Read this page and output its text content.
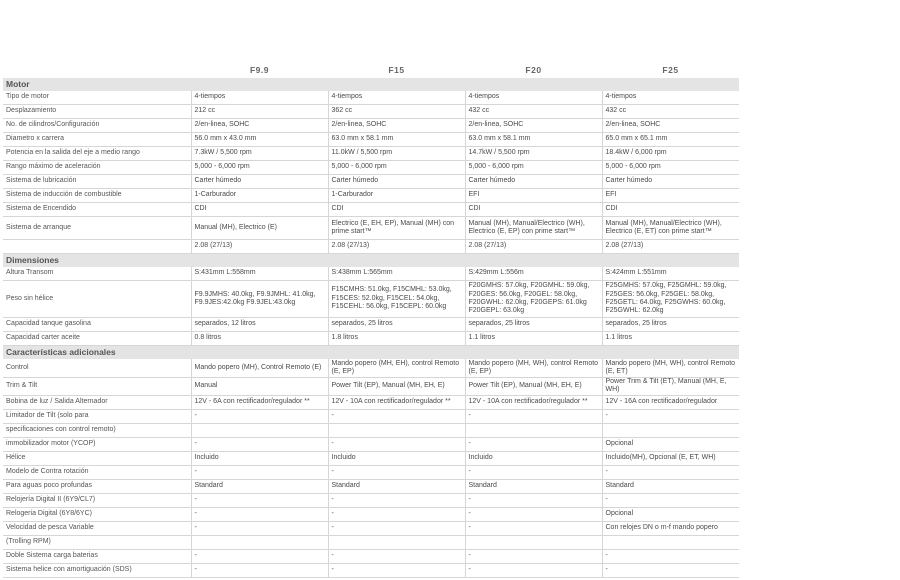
	F9.9	F15	F20	F25
Motor				
Tipo de motor	4-tiempos	4-tiempos	4-tiempos	4-tiempos
Desplazamiento	212 cc	362 cc	432 cc	432 cc
No. de cilindros/Configuración	2/en-linea, SOHC	2/en-linea, SOHC	2/en-linea, SOHC	2/en-linea, SOHC
Diametro x carrera	56.0 mm x 43.0 mm	63.0 mm x 58.1 mm	63.0 mm x 58.1 mm	65.0 mm x 65.1 mm
Potencia en la salida del eje a medio rango	7.3kW / 5,500 rpm	11.0kW / 5,500 rpm	14.7kW / 5,500 rpm	18.4kW / 6,000 rpm
Rango máximo de aceleración	5,000 - 6,000 rpm	5,000 - 6,000 rpm	5,000 - 6,000 rpm	5,000 - 6,000 rpm
Sistema de lubricación	Carter húmedo	Carter húmedo	Carter húmedo	Carter húmedo
Sistema de inducción de combustible	1-Carburador	1-Carburador	EFI	EFI
Sistema de Encendido	CDI	CDI	CDI	CDI
Sistema de arranque	Manual (MH), Electrico (E)	Electrico (E, EH, EP), Manual (MH) con prime start™	Manual (MH), Manual/Electrico (WH), Electrico (E, EP) con prime start™	Manual (MH), Manual/Electrico (WH), Electrico (E, ET) con prime start™
	2.08 (27/13)	2.08 (27/13)	2.08 (27/13)	2.08 (27/13)
Dimensiones				
Altura Transom	S:431mm L:558mm	S:438mm L:565mm	S:429mm L:556m	S:424mm L:551mm
Peso sin hélice	F9.9JMHS: 40.0kg, F9.9JMHL: 41.0kg, F9.9JES:42.0kg F9.9JEL:43.0kg	F15CMHS: 51.0kg, F15CMHL: 53.0kg, F15CES: 52.0kg, F15CEL: 54.0kg, F15CEHL: 56.0kg, F15CEPL: 60.0kg	F20GMHS: 57.0kg, F20GMHL: 59.0kg, F20GES: 56.0kg, F20GEL: 58.0kg, F20GWHL: 62.0kg, F20GEPS: 61.0kg F20GEPL: 63.0kg	F25GMHS: 57.0kg, F25GMHL: 59.0kg, F25GES: 56.0kg, F25GEL: 58.0kg, F25GETL: 64.0kg, F25GWHS: 60.0kg, F25GWHL: 62.0kg
Capacidad tanque gasolina	separados, 12 litros	separados, 25 litros	separados, 25 litros	separados, 25 litros
Capacidad carter aceite	0.8 litros	1.8 litros	1.1 litros	1.1 litros
Características adicionales				
Control	Mando popero (MH), Control Remoto (E)	Mando popero (MH, EH), control Remoto (E, EP)	Mando popero (MH, WH), control Remoto (E, EP)	Mando popero (MH, WH), control Remoto (E, ET)
Trim & Tilt	Manual	Power Tilt (EP), Manual (MH, EH, E)	Power Tilt (EP), Manual (MH, EH, E)	Power Trim & Tilt (ET), Manual (MH, E, WH)
Bobina de luz / Salida Alternador	12V - 6A con rectificador/regulador **	12V - 10A con rectificador/regulador **	12V - 10A con rectificador/regulador **	12V - 16A con rectificador/regulador
Limitador de Tilt (solo para	-	-	-	-
specificaciones con control remoto)				
immobilizador motor (YCOP)	-	-	-	Opcional
Hélice	Incluido	Incluido	Incluido	Incluido(MH), Opcional (E, ET, WH)
Modelo de Contra rotación	-	-	-	-
Para aguas poco profundas	Standard	Standard	Standard	Standard
Relojería Digital II (6Y9/CL7)	-	-	-	-
Relogeria Digital (6Y8/6YC)	-	-	-	Opcional
Velocidad de pesca Variable	-	-	-	Con relojes DN o m-f mando popero
(Trolling RPM)				
Doble Sistema carga baterias	-	-	-	-
Sistema helice con amortiguación (SDS)	-	-	-	-
